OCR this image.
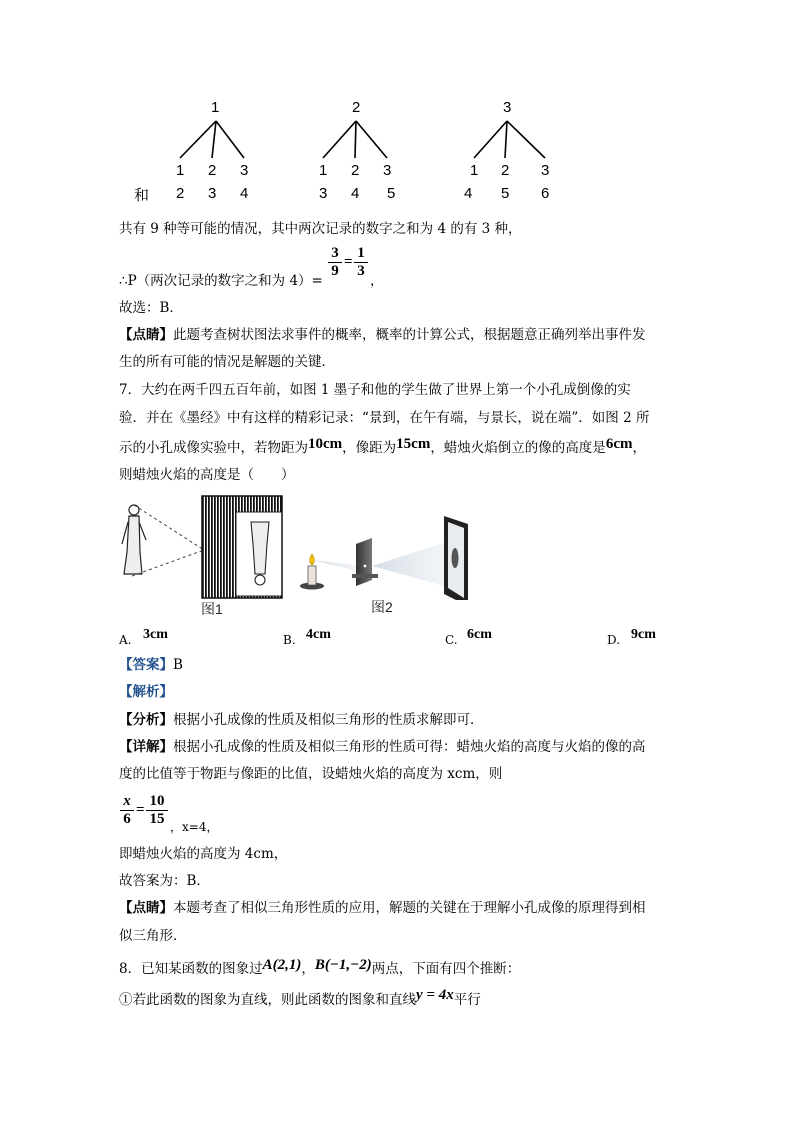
1
1 2 3
2 3 4
2
1 2 3
3 4 5
3
1 2 3
4 5 6
和
共有 9 种等可能的情况，其中两次记录的数字之和为 4 的有 3 种，
$\frac{3}{9} = \frac{1}{3}$
∴P（两次记录的数字之和为 4）=	，
故选：B．
【点睛】此题考查树状图法求事件的概率，概率的计算公式，根据题意正确列举出事件发
生的所有可能的情况是解题的关键．
7．大约在两千四五百年前，如图 1 墨子和他的学生做了世界上第一个小孔成倒像的实
验．并在《墨经》中有这样的精彩记录：“景到，在午有端，与景长，说在端”．如图 2 所
示的小孔成像实验中，若物距为10cm，像距为15cm，蜡烛火焰倒立的像的高度是6cm，
则蜡烛火焰的高度是（　　）
图1	图2
A. 3cm	B. 4cm	C. 6cm	D. 9cm
【答案】B
【解析】
【分析】根据小孔成像的性质及相似三角形的性质求解即可．
【详解】根据小孔成像的性质及相似三角形的性质可得：蜡烛火焰的高度与火焰的像的高
度的比值等于物距与像距的比值，设蜡烛火焰的高度为 xcm，则
$\frac{x}{6} = \frac{10}{15}$ ，x=4，
即蜡烛火焰的高度为 4cm，
故答案为：B．
【点睛】本题考查了相似三角形性质的应用，解题的关键在于理解小孔成像的原理得到相
似三角形．
8．已知某函数的图象过A(2,1)，B(−1,−2)两点，下面有四个推断：
①若此函数的图象为直线，则此函数的图象和直线y = 4x平行
